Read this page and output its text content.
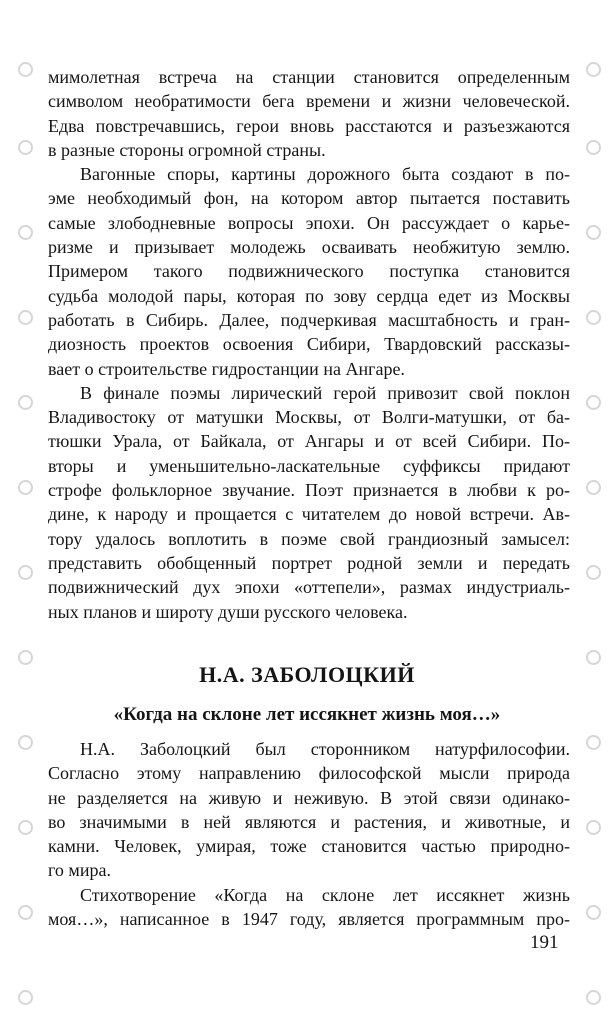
мимолетная встреча на станции становится определенным
символом необратимости бега времени и жизни человеческой.
Едва повстречавшись, герои вновь расстаются и разъезжаются
в разные стороны огромной страны.
Вагонные споры, картины дорожного быта создают в по-
эме необходимый фон, на котором автор пытается поставить
самые злободневные вопросы эпохи. Он рассуждает о карье-
ризме и призывает молодежь осваивать необжитую землю.
Примером такого подвижнического поступка становится
судьба молодой пары, которая по зову сердца едет из Москвы
работать в Сибирь. Далее, подчеркивая масштабность и гран-
диозность проектов освоения Сибири, Твардовский рассказы-
вает о строительстве гидростанции на Ангаре.
В финале поэмы лирический герой привозит свой поклон
Владивостоку от матушки Москвы, от Волги-матушки, от ба-
тюшки Урала, от Байкала, от Ангары и от всей Сибири. По-
вторы и уменьшительно-ласкательные суффиксы придают
строфе фольклорное звучание. Поэт признается в любви к ро-
дине, к народу и прощается с читателем до новой встречи. Ав-
тору удалось воплотить в поэме свой грандиозный замысел:
представить обобщенный портрет родной земли и передать
подвижнический дух эпохи «оттепели», размах индустриаль-
ных планов и широту души русского человека.
Н.А. ЗАБОЛОЦКИЙ
«Когда на склоне лет иссякнет жизнь моя…»
Н.А. Заболоцкий был сторонником натурфилософии.
Согласно этому направлению философской мысли природа
не разделяется на живую и неживую. В этой связи одинако-
во значимыми в ней являются и растения, и животные, и
камни. Человек, умирая, тоже становится частью природно-
го мира.
Стихотворение «Когда на склоне лет иссякнет жизнь
моя…», написанное в 1947 году, является программным про-
191
